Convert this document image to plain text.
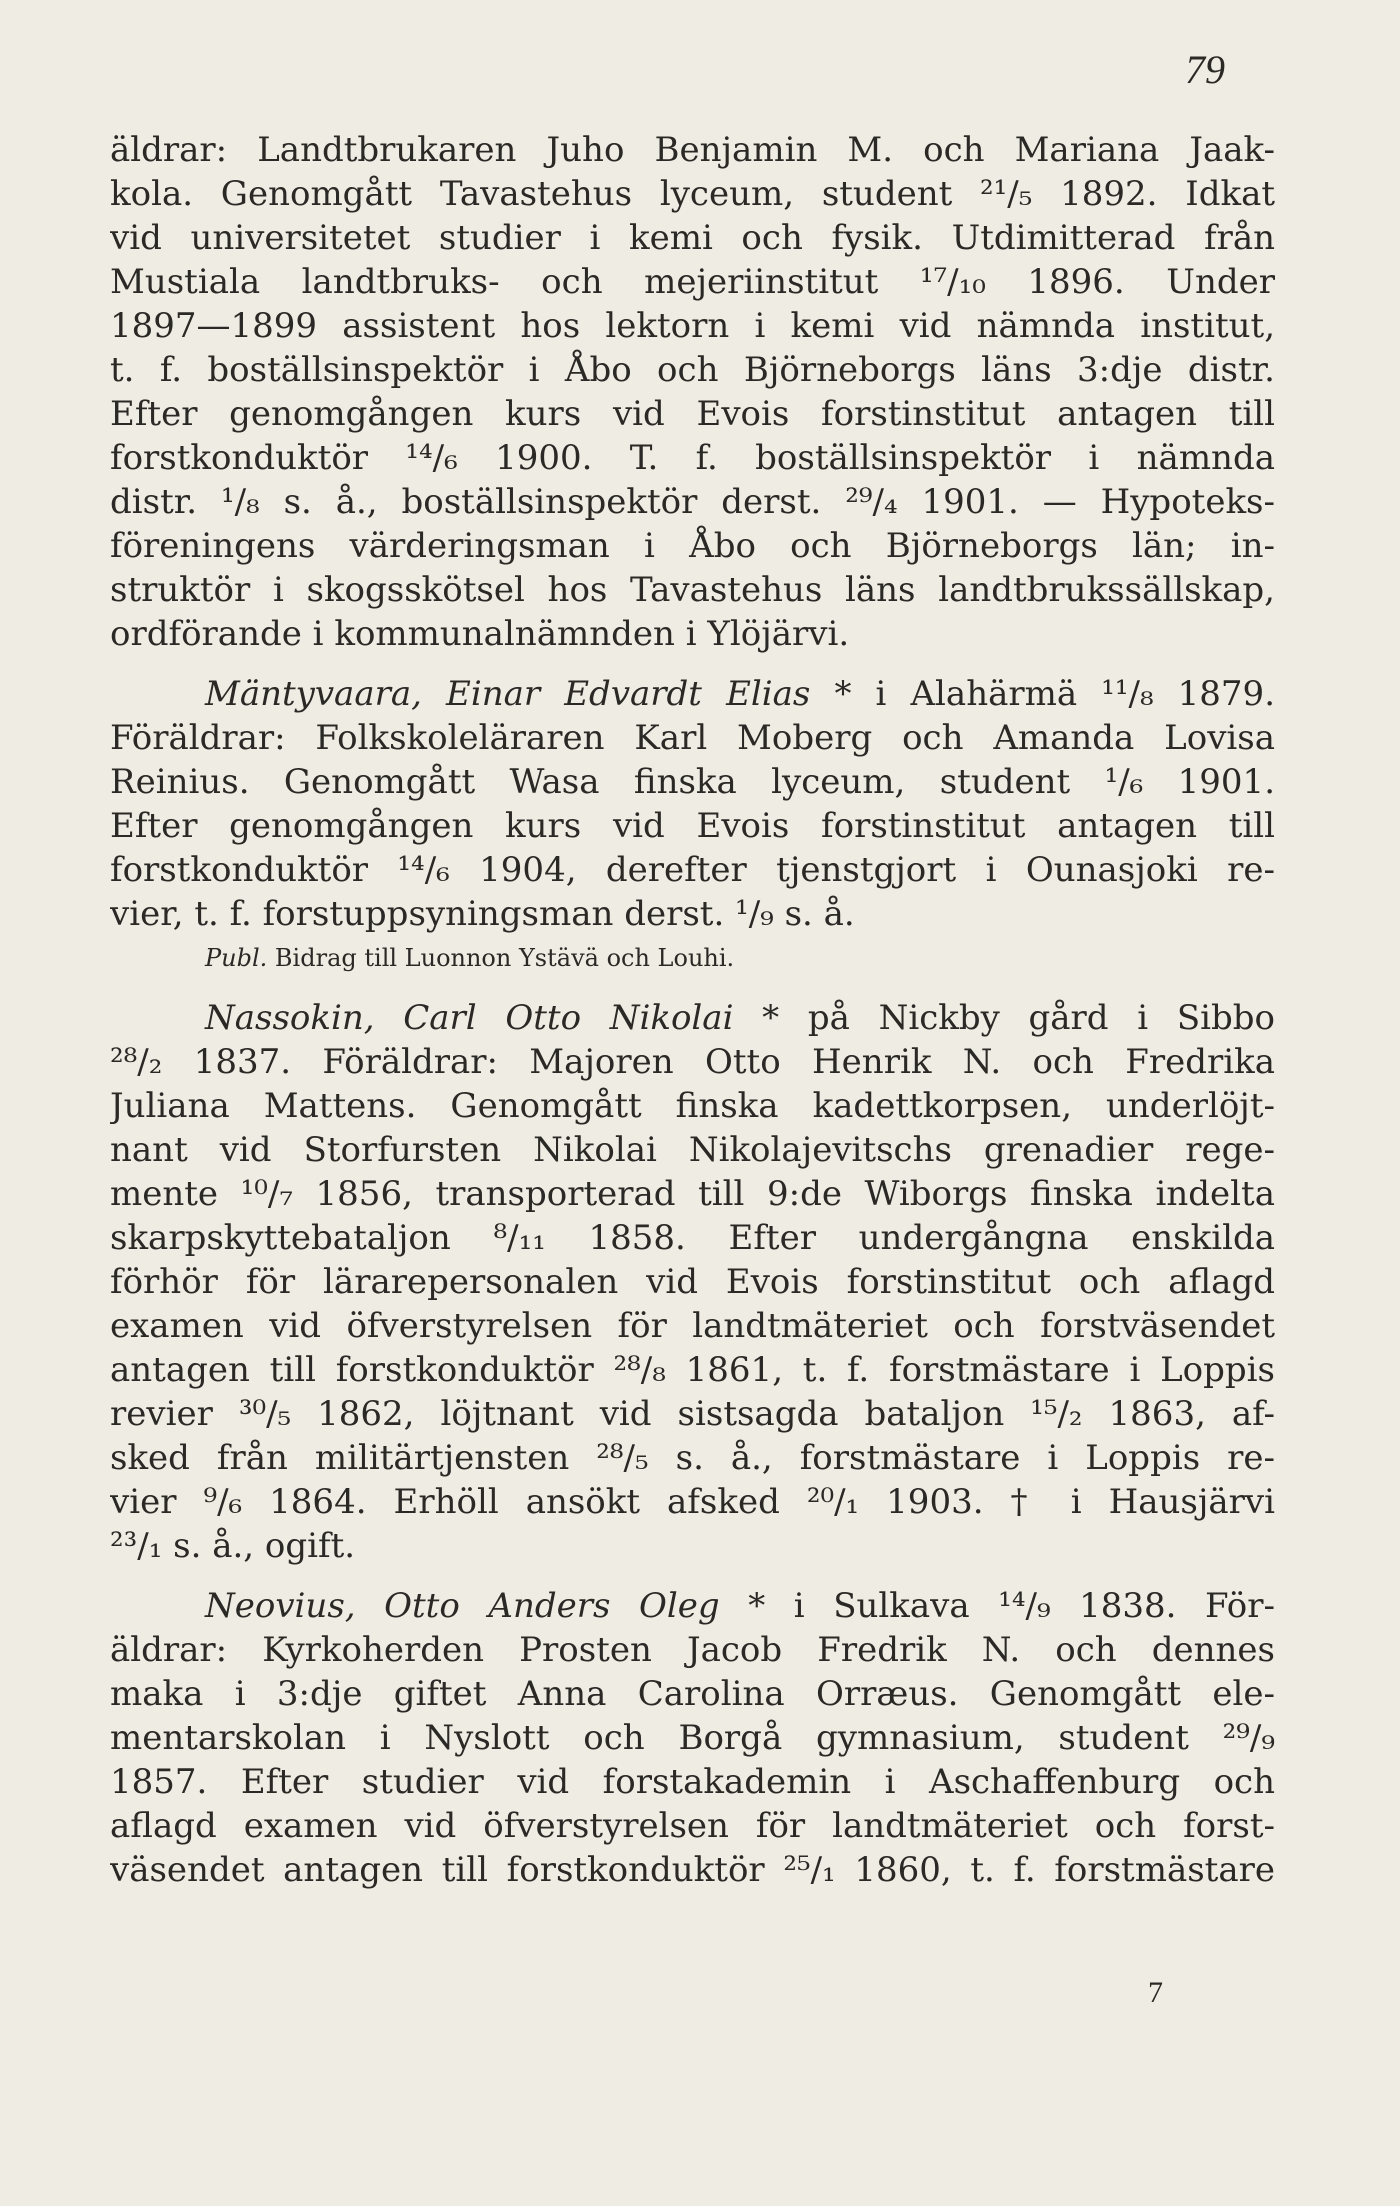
79
äldrar: Landtbrukaren Juho Benjamin M. och Mariana Jaak-
kola. Genomgått Tavastehus lyceum, student ²¹/₅ 1892. Idkat
vid universitetet studier i kemi och fysik. Utdimitterad från
Mustiala landtbruks- och mejeriinstitut ¹⁷/₁₀ 1896. Under
1897—1899 assistent hos lektorn i kemi vid nämnda institut,
t. f. boställsinspektör i Åbo och Björneborgs läns 3:dje distr.
Efter genomgången kurs vid Evois forstinstitut antagen till
forstkonduktör ¹⁴/₆ 1900. T. f. boställsinspektör i nämnda
distr. ¹/₈ s. å., boställsinspektör derst. ²⁹/₄ 1901. — Hypoteks-
föreningens värderingsman i Åbo och Björneborgs län; in-
struktör i skogsskötsel hos Tavastehus läns landtbrukssällskap,
ordförande i kommunalnämnden i Ylöjärvi.
Mäntyvaara, Einar Edvardt Elias * i Alahärmä ¹¹/₈ 1879.
Föräldrar: Folkskoleläraren Karl Moberg och Amanda Lovisa
Reinius. Genomgått Wasa finska lyceum, student ¹/₆ 1901.
Efter genomgången kurs vid Evois forstinstitut antagen till
forstkonduktör ¹⁴/₆ 1904, derefter tjenstgjort i Ounasjoki re-
vier, t. f. forstuppsyningsman derst. ¹/₉ s. å.
Publ. Bidrag till Luonnon Ystävä och Louhi.
Nassokin, Carl Otto Nikolai * på Nickby gård i Sibbo
²⁸/₂ 1837. Föräldrar: Majoren Otto Henrik N. och Fredrika
Juliana Mattens. Genomgått finska kadettkorpsen, underlöjt-
nant vid Storfursten Nikolai Nikolajevitschs grenadier rege-
mente ¹⁰/₇ 1856, transporterad till 9:de Wiborgs finska indelta
skarpskyttebataljon ⁸/₁₁ 1858. Efter undergångna enskilda
förhör för lärarepersonalen vid Evois forstinstitut och aflagd
examen vid öfverstyrelsen för landtmäteriet och forstväsendet
antagen till forstkonduktör ²⁸/₈ 1861, t. f. forstmästare i Loppis
revier ³⁰/₅ 1862, löjtnant vid sistsagda bataljon ¹⁵/₂ 1863, af-
sked från militärtjensten ²⁸/₅ s. å., forstmästare i Loppis re-
vier ⁹/₆ 1864. Erhöll ansökt afsked ²⁰/₁ 1903. † i Hausjärvi
²³/₁ s. å., ogift.
Neovius, Otto Anders Oleg * i Sulkava ¹⁴/₉ 1838. För-
äldrar: Kyrkoherden Prosten Jacob Fredrik N. och dennes
maka i 3:dje giftet Anna Carolina Orræus. Genomgått ele-
mentarskolan i Nyslott och Borgå gymnasium, student ²⁹/₉
1857. Efter studier vid forstakademin i Aschaffenburg och
aflagd examen vid öfverstyrelsen för landtmäteriet och forst-
väsendet antagen till forstkonduktör ²⁵/₁ 1860, t. f. forstmästare
7
